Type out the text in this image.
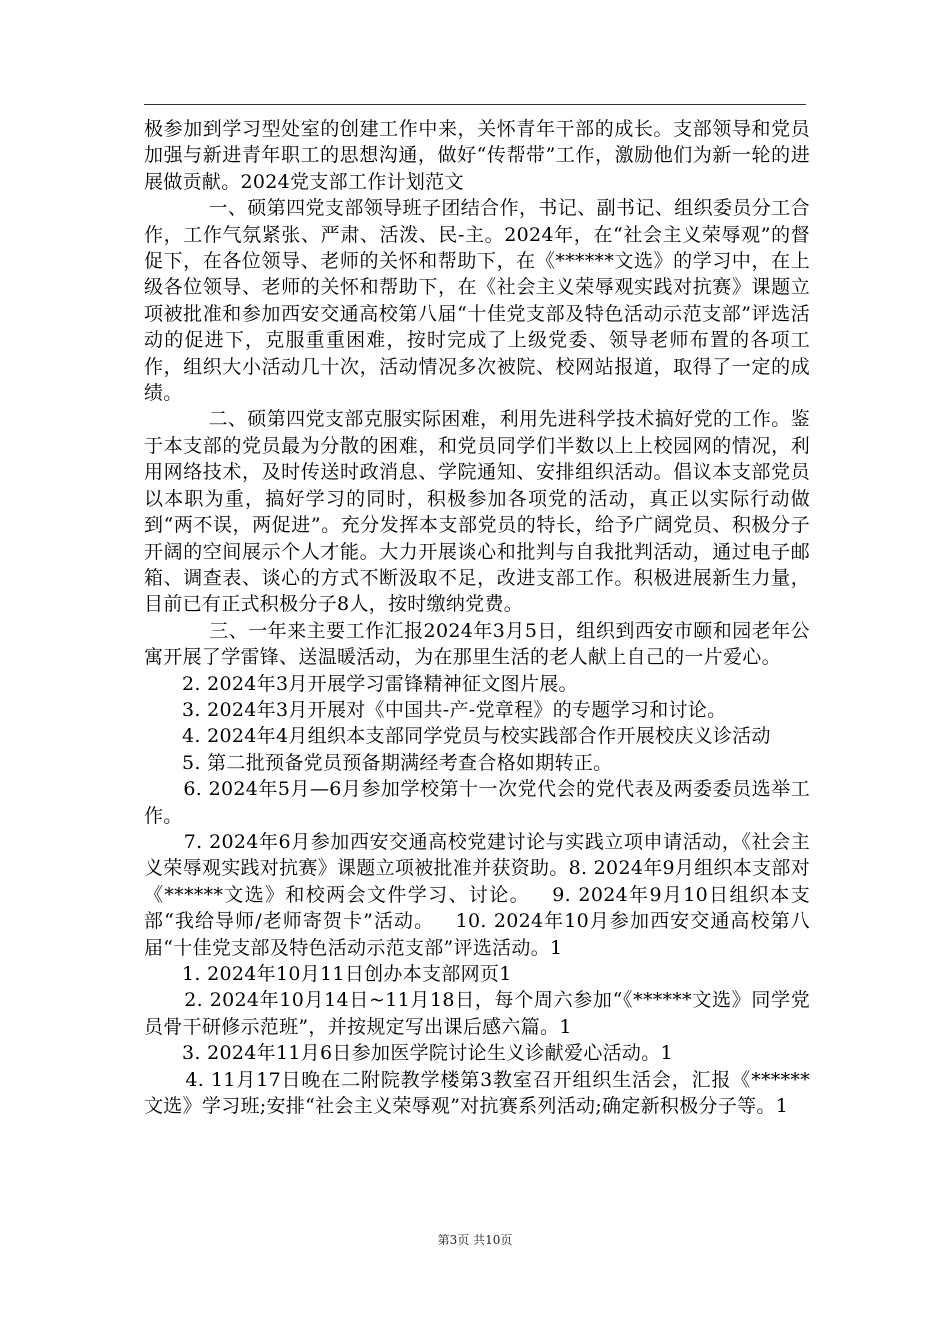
极参加到学习型处室的创建工作中来，关怀青年干部的成长。支部领导和党员加强与新进青年职工的思想沟通，做好“传帮带”工作，激励他们为新一轮的进展做贡献。2024党支部工作计划范文

一、硕第四党支部领导班子团结合作，书记、副书记、组织委员分工合作，工作气氛紧张、严肃、活泼、民-主。2024年，在“社会主义荣辱观”的督促下，在各位领导、老师的关怀和帮助下，在《******文选》的学习中，在上级各位领导、老师的关怀和帮助下，在《社会主义荣辱观实践对抗赛》课题立项被批准和参加西安交通高校第八届“十佳党支部及特色活动示范支部”评选活动的促进下，克服重重困难，按时完成了上级党委、领导老师布置的各项工作，组织大小活动几十次，活动情况多次被院、校网站报道，取得了一定的成绩。

二、硕第四党支部克服实际困难，利用先进科学技术搞好党的工作。鉴于本支部的党员最为分散的困难，和党员同学们半数以上上校园网的情况，利用网络技术，及时传送时政消息、学院通知、安排组织活动。倡议本支部党员以本职为重，搞好学习的同时，积极参加各项党的活动，真正以实际行动做到“两不误，两促进”。充分发挥本支部党员的特长，给予广阔党员、积极分子开阔的空间展示个人才能。大力开展谈心和批判与自我批判活动，通过电子邮箱、调查表、谈心的方式不断汲取不足，改进支部工作。积极进展新生力量，目前已有正式积极分子8人，按时缴纳党费。

三、一年来主要工作汇报2024年3月5日，组织到西安市颐和园老年公寓开展了学雷锋、送温暖活动，为在那里生活的老人献上自己的一片爱心。

2. 2024年3月开展学习雷锋精神征文图片展。

3. 2024年3月开展对《中国共-产-党章程》的专题学习和讨论。

4. 2024年4月组织本支部同学党员与校实践部合作开展校庆义诊活动

5. 第二批预备党员预备期满经考查合格如期转正。

6. 2024年5月—6月参加学校第十一次党代会的党代表及两委委员选举工作。

7. 2024年6月参加西安交通高校党建讨论与实践立项申请活动，《社会主义荣辱观实践对抗赛》课题立项被批准并获资助。8. 2024年9月组织本支部对《******文选》和校两会文件学习、讨论。   9. 2024年9月10日组织本支部“我给导师/老师寄贺卡”活动。   10. 2024年10月参加西安交通高校第八届“十佳党支部及特色活动示范支部”评选活动。1

1. 2024年10月11日创办本支部网页1

2. 2024年10月14日~11月18日，每个周六参加“《******文选》同学党员骨干研修示范班”，并按规定写出课后感六篇。1

3. 2024年11月6日参加医学院讨论生义诊献爱心活动。1

4. 11月17日晚在二附院教学楼第3教室召开组织生活会，汇报《******文选》学习班;安排“社会主义荣辱观”对抗赛系列活动;确定新积极分子等。1

第3页 共10页
